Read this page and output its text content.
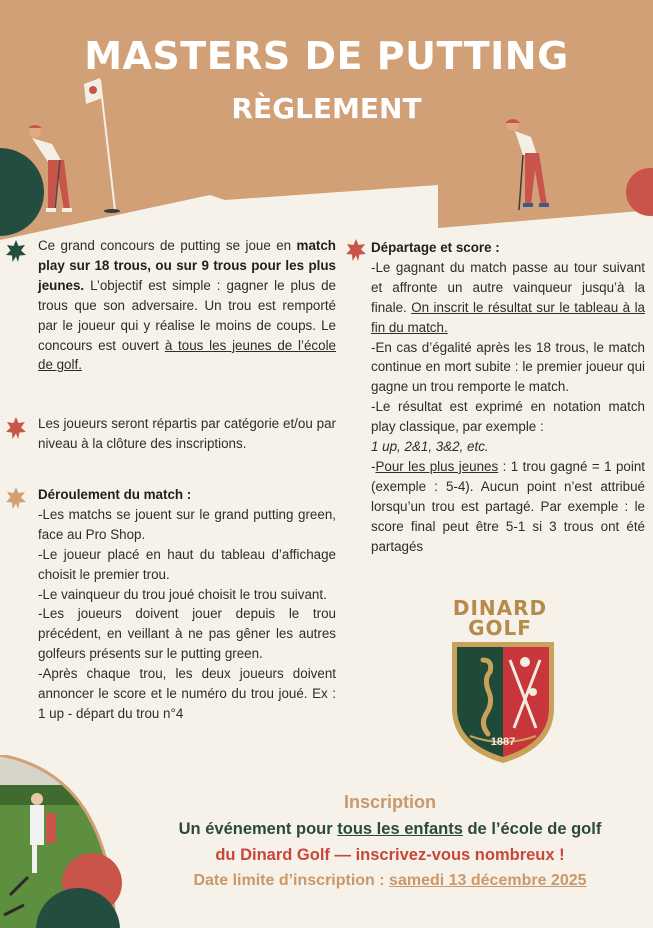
MASTERS DE PUTTING
RÈGLEMENT
Ce grand concours de putting se joue en match play sur 18 trous, ou sur 9 trous pour les plus jeunes. L’objectif est simple : gagner le plus de trous que son adversaire. Un trou est remporté par le joueur qui y réalise le moins de coups. Le concours est ouvert à tous les jeunes de l’école de golf.
Les joueurs seront répartis par catégorie et/ou par niveau à la clôture des inscriptions.

Déroulement du match :

-Les matchs se jouent sur le grand putting green, face au Pro Shop.

-Le joueur placé en haut du tableau d’affichage choisit le premier trou.

-Le vainqueur du trou joué choisit le trou suivant.

-Les joueurs doivent jouer depuis le trou précédent, en veillant à ne pas gêner les autres golfeurs présents sur le putting green.

-Après chaque trou, les deux joueurs doivent annoncer le score et le numéro du trou joué. Ex : 1 up - départ du trou n°4

Départage et score :

-Le gagnant du match passe au tour suivant et affronte un autre vainqueur jusqu’à la finale. On inscrit le résultat sur le tableau à la fin du match.

-En cas d’égalité après les 18 trous, le match continue en mort subite : le premier joueur qui gagne un trou remporte le match.

-Le résultat est exprimé en notation match play classique, par exemple :

1 up, 2&1, 3&2, etc.

-Pour les plus jeunes : 1 trou gagné = 1 point (exemple : 5-4). Aucun point n’est attribué lorsqu’un trou est partagé. Par exemple : le score final peut être 5-1 si 3 trous ont été partagés

DINARD
GOLF
1887
Inscription
Un événement pour tous les enfants de l’école de golf
du Dinard Golf — inscrivez-vous nombreux !
Date limite d’inscription : samedi 13 décembre 2025
